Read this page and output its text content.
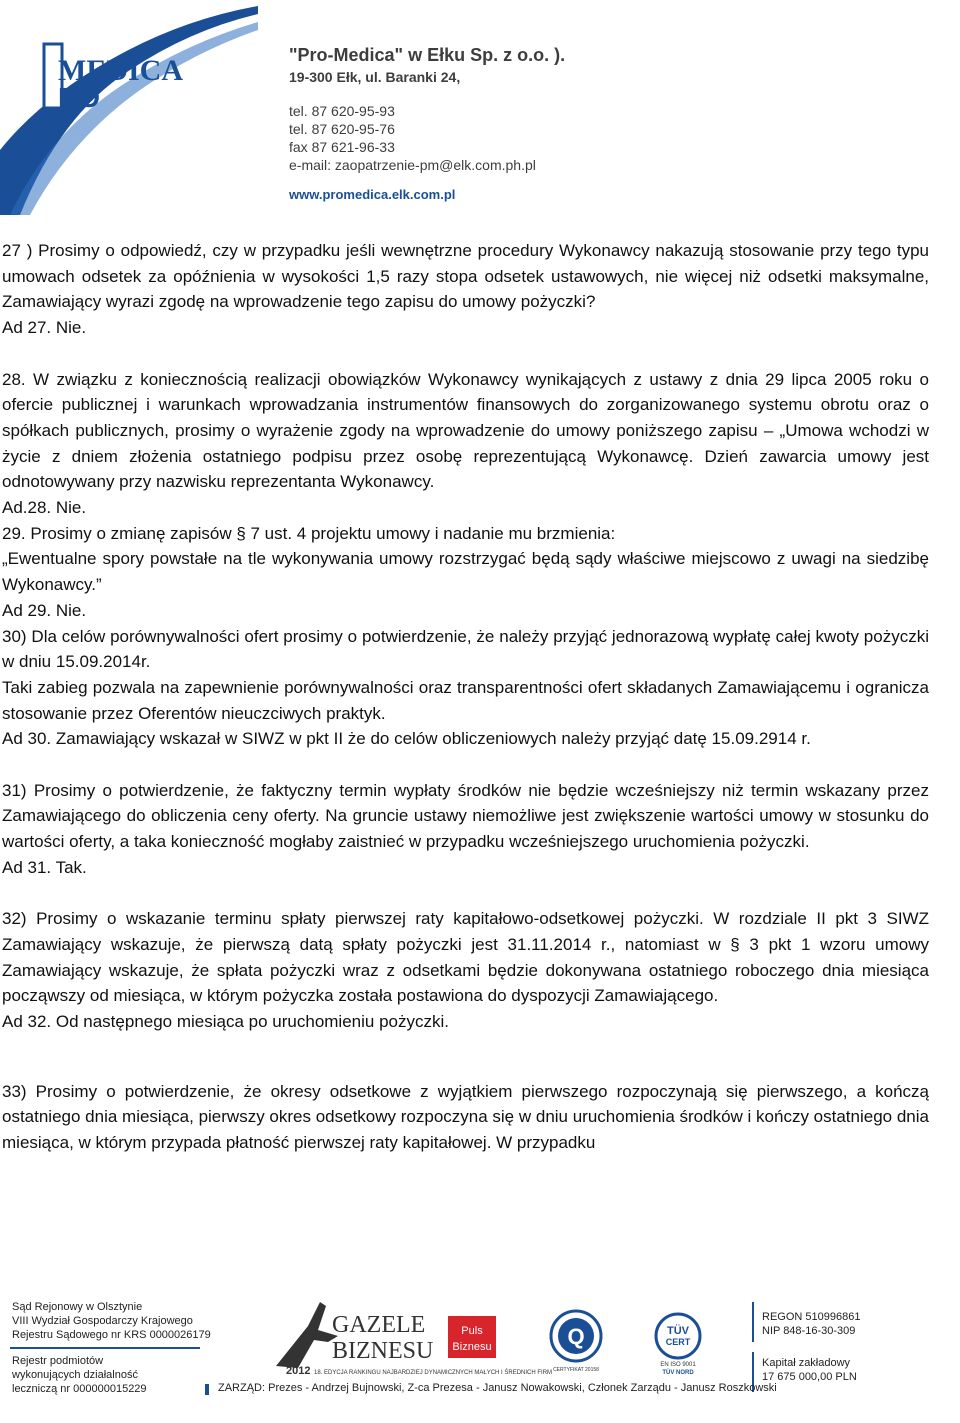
MEDICA
RO
"Pro-Medica" w Ełku Sp. z o.o. ).
19-300 Ełk, ul. Baranki 24,
tel. 87 620-95-93
tel. 87 620-95-76
fax 87 621-96-33
e-mail: zaopatrzenie-pm@elk.com.ph.pl
www.promedica.elk.com.pl

27 ) Prosimy o odpowiedź, czy w przypadku jeśli wewnętrzne procedury Wykonawcy nakazują stosowanie przy tego typu umowach odsetek za opóźnienia w wysokości 1,5 razy stopa odsetek ustawowych, nie więcej niż odsetki maksymalne, Zamawiający wyrazi zgodę na wprowadzenie tego zapisu do umowy pożyczki?

Ad 27. Nie.

28. W związku z koniecznością realizacji obowiązków Wykonawcy wynikających z ustawy z dnia 29 lipca 2005 roku o ofercie publicznej i warunkach wprowadzania instrumentów finansowych do zorganizowanego systemu obrotu oraz o spółkach publicznych, prosimy o wyrażenie zgody na wprowadzenie do umowy poniższego zapisu – „Umowa wchodzi w życie z dniem złożenia ostatniego podpisu przez osobę reprezentującą Wykonawcę. Dzień zawarcia umowy jest odnotowywany przy nazwisku reprezentanta Wykonawcy.

Ad.28. Nie.

29. Prosimy o zmianę zapisów § 7 ust. 4 projektu umowy i nadanie mu brzmienia:

„Ewentualne spory powstałe na tle wykonywania umowy rozstrzygać będą sądy właściwe miejscowo z uwagi na siedzibę Wykonawcy.”

Ad 29. Nie.

30) Dla celów porównywalności ofert prosimy o potwierdzenie, że należy przyjąć jednorazową wypłatę całej kwoty pożyczki w dniu 15.09.2014r.

Taki zabieg pozwala na zapewnienie porównywalności oraz transparentności ofert składanych Zamawiającemu i ogranicza stosowanie przez Oferentów nieuczciwych praktyk.

Ad 30. Zamawiający wskazał w SIWZ w pkt II że do celów obliczeniowych należy przyjąć datę 15.09.2914 r.

31) Prosimy o potwierdzenie, że faktyczny termin wypłaty środków nie będzie wcześniejszy niż termin wskazany przez Zamawiającego do obliczenia ceny oferty. Na gruncie ustawy niemożliwe jest zwiększenie wartości umowy w stosunku do wartości oferty, a taka konieczność mogłaby zaistnieć w przypadku wcześniejszego uruchomienia pożyczki.

Ad 31. Tak.

32) Prosimy o wskazanie terminu spłaty pierwszej raty kapitałowo-odsetkowej pożyczki. W rozdziale II pkt 3 SIWZ Zamawiający wskazuje, że pierwszą datą spłaty pożyczki jest 31.11.2014 r., natomiast w § 3 pkt 1 wzoru umowy Zamawiający wskazuje, że spłata pożyczki wraz z odsetkami będzie dokonywana ostatniego roboczego dnia miesiąca począwszy od miesiąca, w którym pożyczka została postawiona do dyspozycji Zamawiającego.

Ad 32. Od następnego miesiąca po uruchomieniu pożyczki.

33) Prosimy o potwierdzenie, że okresy odsetkowe z wyjątkiem pierwszego rozpoczynają się pierwszego, a kończą ostatniego dnia miesiąca, pierwszy okres odsetkowy rozpoczyna się w dniu uruchomienia środków i kończy ostatniego dnia miesiąca, w którym przypada płatność pierwszej raty kapitałowej. W przypadku

Sąd Rejonowy w Olsztynie
VIII Wydział Gospodarczy Krajowego
Rejestru Sądowego nr KRS 0000026179
Rejestr podmiotów
wykonujących działalność
leczniczą nr 000000015229
GAZELE
BIZNESU
2012 18. EDYCJA RANKINGU NAJBARDZIEJ DYNAMICZNYCH MAŁYCH I ŚREDNICH FIRM
Puls
Biznesu	Q
CERTYFIKAT 20158
TÜV
CERT
EN ISO 9001
TÜV NORD
REGON 510996861
NIP 848-16-30-309
Kapitał zakładowy
17 675 000,00 PLN
ZARZĄD: Prezes - Andrzej Bujnowski, Z-ca Prezesa - Janusz Nowakowski, Członek Zarządu - Janusz Roszkowski
